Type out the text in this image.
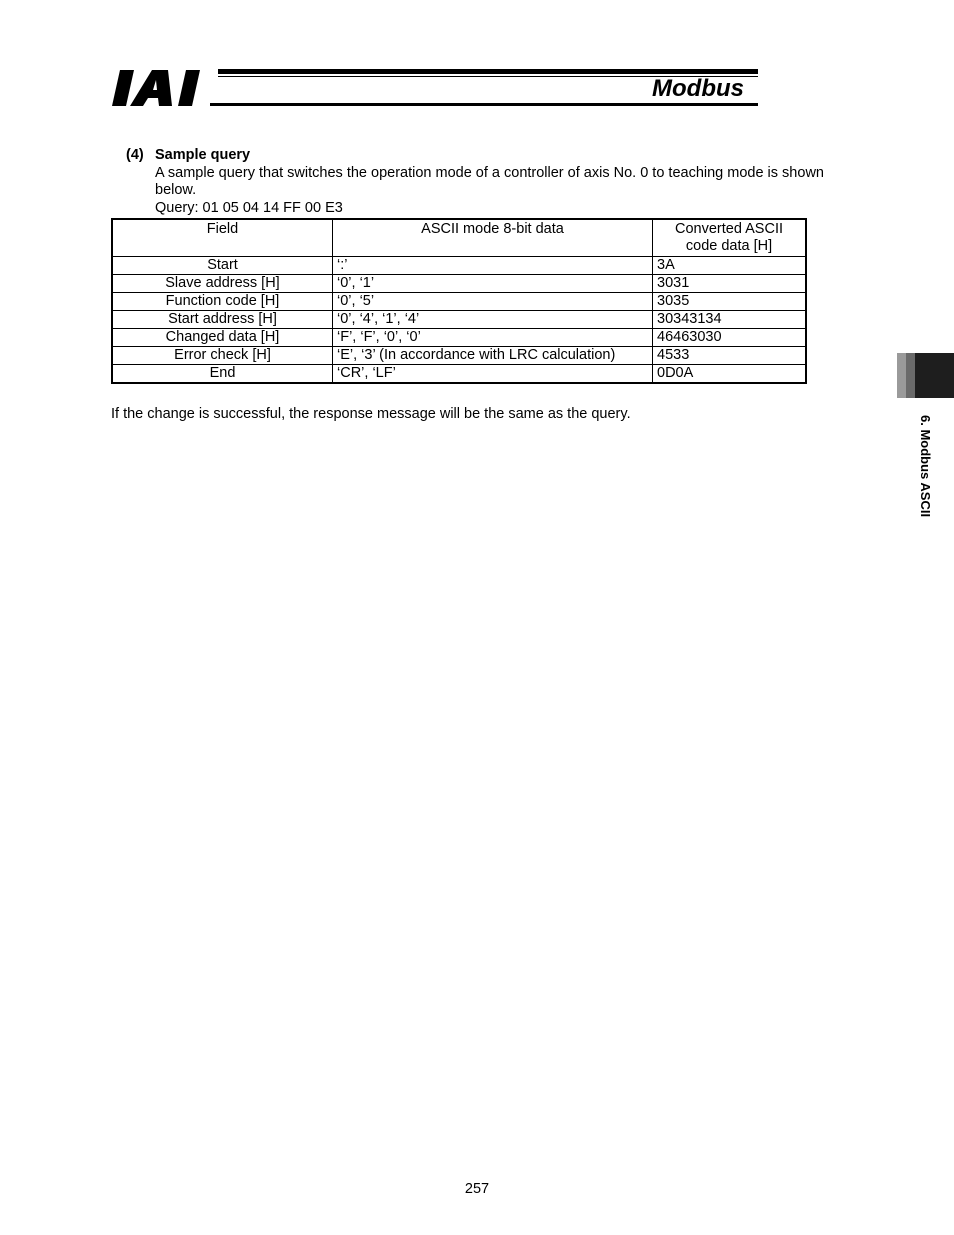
Modbus
(4) Sample query
A sample query that switches the operation mode of a controller of axis No. 0 to teaching mode is shown below.
Query: 01 05 04 14 FF 00 E3
Field	ASCII mode 8-bit data	Converted ASCII code data [H]
Start	‘:’	3A
Slave address [H]	‘0’, ‘1’	3031
Function code [H]	‘0’, ‘5’	3035
Start address [H]	‘0’, ‘4’, ‘1’, ‘4’	30343134
Changed data [H]	‘F’, ‘F’, ‘0’, ‘0’	46463030
Error check [H]	‘E’, ‘3’ (In accordance with LRC calculation)	4533
End	‘CR’, ‘LF’	0D0A
If the change is successful, the response message will be the same as the query.
6. Modbus ASCII
257
